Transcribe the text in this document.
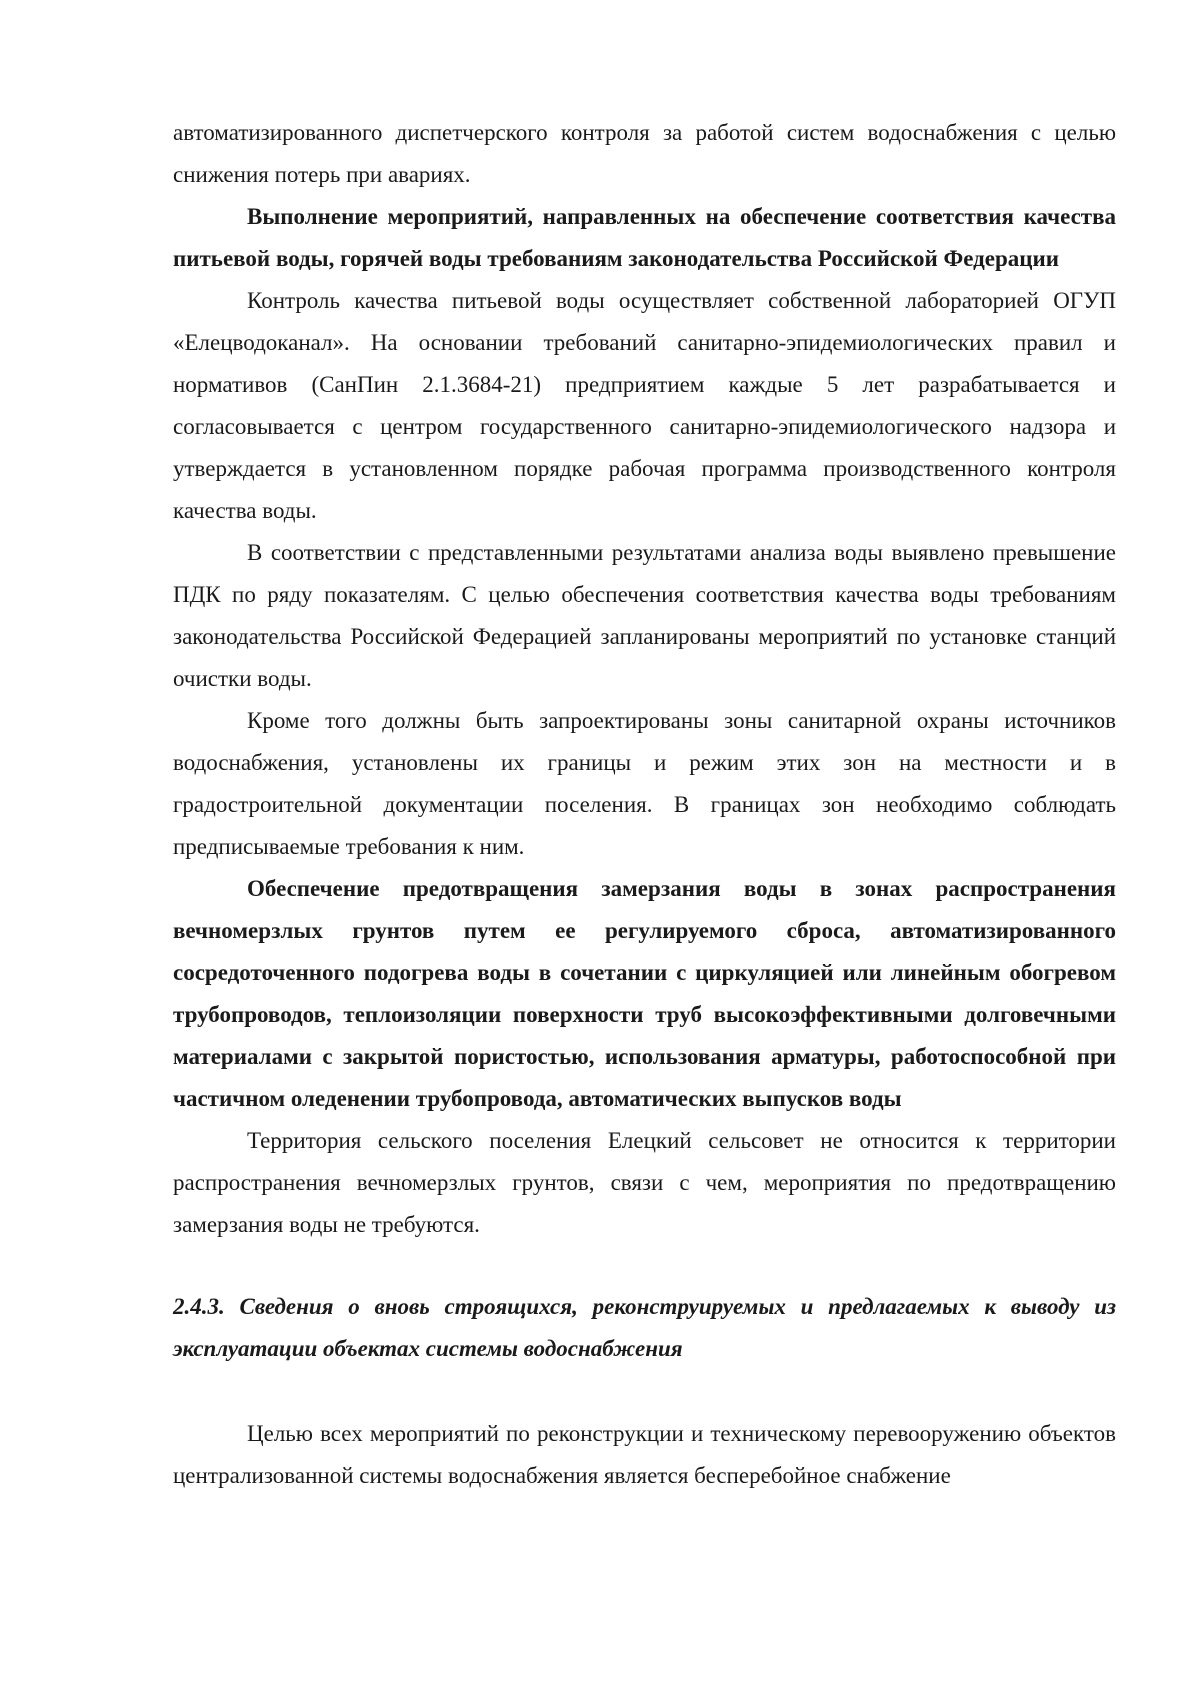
автоматизированного диспетчерского контроля за работой систем водоснабжения с целью снижения потерь при авариях.

Выполнение мероприятий, направленных на обеспечение соответствия качества питьевой воды, горячей воды требованиям законодательства Российской Федерации

Контроль качества питьевой воды осуществляет собственной лабораторией ОГУП «Елецводоканал». На основании требований санитарно-эпидемиологических правил и нормативов (СанПин 2.1.3684-21) предприятием каждые 5 лет разрабатывается и согласовывается с центром государственного санитарно-эпидемиологического надзора и утверждается в установленном порядке рабочая программа производственного контроля качества воды.

В соответствии с представленными результатами анализа воды выявлено превышение ПДК по ряду показателям. С целью обеспечения соответствия качества воды требованиям законодательства Российской Федерацией запланированы мероприятий по установке станций очистки воды.

Кроме того должны быть запроектированы зоны санитарной охраны источников водоснабжения, установлены их границы и режим этих зон на местности и в градостроительной документации поселения. В границах зон необходимо соблюдать предписываемые требования к ним.

Обеспечение предотвращения замерзания воды в зонах распространения вечномерзлых грунтов путем ее регулируемого сброса, автоматизированного сосредоточенного подогрева воды в сочетании с циркуляцией или линейным обогревом трубопроводов, теплоизоляции поверхности труб высокоэффективными долговечными материалами с закрытой пористостью, использования арматуры, работоспособной при частичном оледенении трубопровода, автоматических выпусков воды

Территория сельского поселения Елецкий сельсовет не относится к территории распространения вечномерзлых грунтов, связи с чем, мероприятия по предотвращению замерзания воды не требуются.

2.4.3. Сведения о вновь строящихся, реконструируемых и предлагаемых к выводу из эксплуатации объектах системы водоснабжения

Целью всех мероприятий по реконструкции и техническому перевооружению объектов централизованной системы водоснабжения является бесперебойное снабжение
